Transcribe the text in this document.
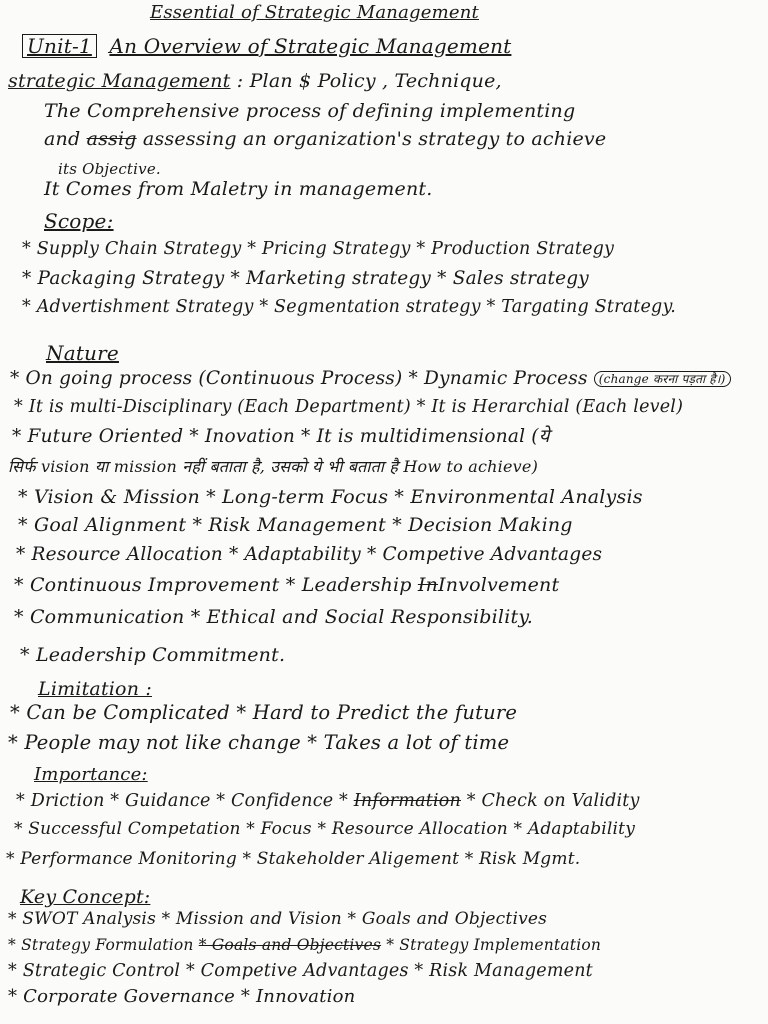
Essential of Strategic Management
Unit-1 An Overview of Strategic Management
strategic Management : Plan $ Policy , Technique,
The Comprehensive process of defining implementing
and assig assessing an organization's strategy to achieve
its Objective.
It Comes from Maletry in management.
Scope:
* Supply Chain Strategy * Pricing Strategy * Production Strategy
* Packaging Strategy * Marketing strategy * Sales strategy
* Advertishment Strategy * Segmentation strategy * Targating Strategy.
Nature
* On going process (Continuous Process) * Dynamic Process (change करना पड़ता है।)
* It is multi-Disciplinary (Each Department) * It is Herarchial (Each level)
* Future Oriented * Inovation * It is multidimensional (ये
सिर्फ vision या mission नहीं बताता है, उसको ये भी बताता है How to achieve)
* Vision & Mission * Long-term Focus * Environmental Analysis
* Goal Alignment * Risk Management * Decision Making
* Resource Allocation * Adaptability * Competive Advantages
* Continuous Improvement * Leadership InInvolvement
* Communication * Ethical and Social Responsibility.
* Leadership Commitment.
Limitation :
* Can be Complicated * Hard to Predict the future
* People may not like change * Takes a lot of time
Importance:
* Driction * Guidance * Confidence * Information * Check on Validity
* Successful Competation * Focus * Resource Allocation * Adaptability
* Performance Monitoring * Stakeholder Aligement * Risk Mgmt.
Key Concept:
* SWOT Analysis * Mission and Vision * Goals and Objectives
* Strategy Formulation * Goals and Objectives * Strategy Implementation
* Strategic Control * Competive Advantages * Risk Management
* Corporate Governance * Innovation
